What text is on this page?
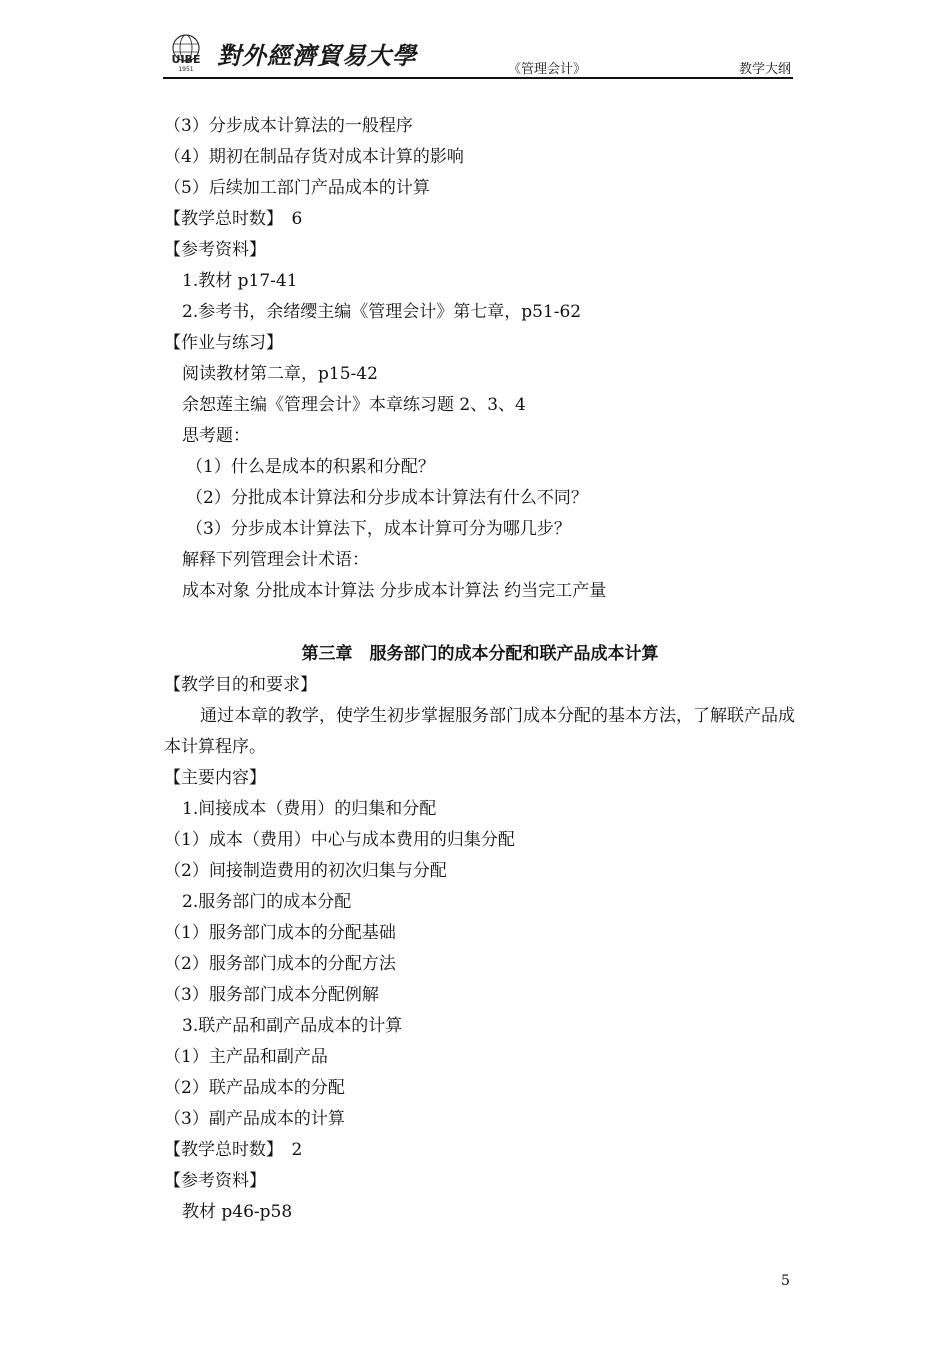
UIBE
1951 對外經濟貿易大學	《管理会计》	教学大纲
（3）分步成本计算法的一般程序
（4）期初在制品存货对成本计算的影响
（5）后续加工部门产品成本的计算
【教学总时数】　6
【参考资料】
1.教材 p17-41
2.参考书，余绪缨主编《管理会计》第七章，p51-62
【作业与练习】
阅读教材第二章，p15-42
余恕莲主编《管理会计》本章练习题 2、3、4
思考题：
（1）什么是成本的积累和分配？
（2）分批成本计算法和分步成本计算法有什么不同？
（3）分步成本计算法下，成本计算可分为哪几步？
解释下列管理会计术语：
成本对象 分批成本计算法 分步成本计算法 约当完工产量
第三章　服务部门的成本分配和联产品成本计算
【教学目的和要求】
通过本章的教学，使学生初步掌握服务部门成本分配的基本方法，了解联产品成本计算程序。
【主要内容】
1.间接成本（费用）的归集和分配
（1）成本（费用）中心与成本费用的归集分配
（2）间接制造费用的初次归集与分配
2.服务部门的成本分配
（1）服务部门成本的分配基础
（2）服务部门成本的分配方法
（3）服务部门成本分配例解
3.联产品和副产品成本的计算
（1）主产品和副产品
（2）联产品成本的分配
（3）副产品成本的计算
【教学总时数】　2
【参考资料】
教材 p46-p58
5
